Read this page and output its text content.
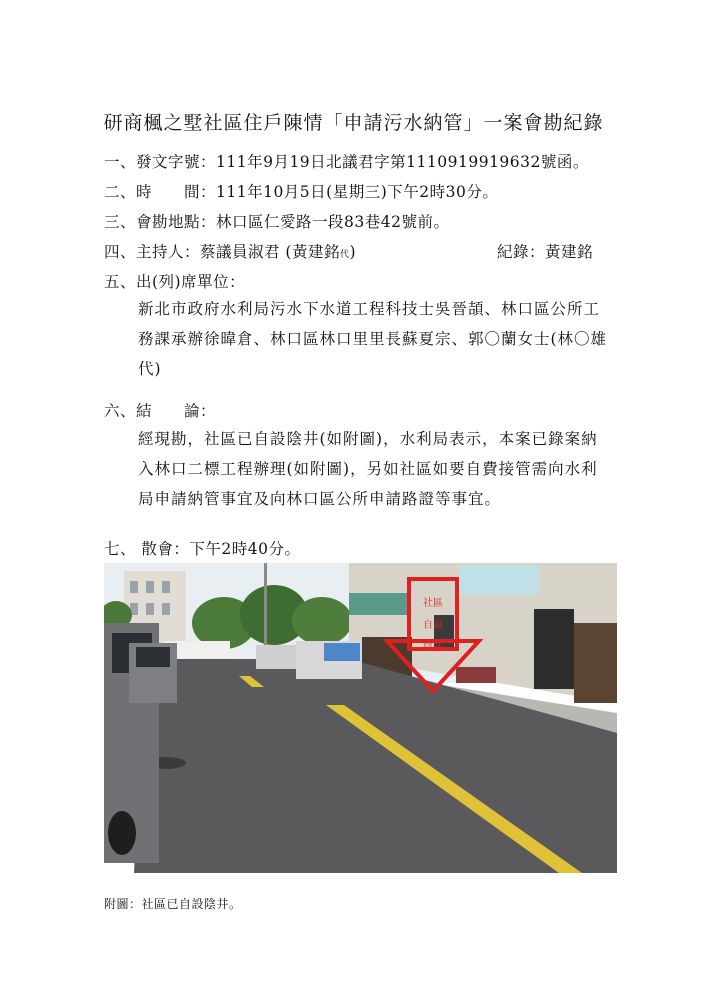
研商楓之墅社區住戶陳情「申請污水納管」一案會勘紀錄
一、發文字號：111年9月19日北議君字第1110919919632號函。
二、時　　間：111年10月5日(星期三)下午2時30分。
三、會勘地點：林口區仁愛路一段83巷42號前。
四、主持人：蔡議員淑君 (黃建銘代)	紀錄：黃建銘
五、出(列)席單位：
新北市政府水利局污水下水道工程科技士吳晉頡、林口區公所工
務課承辦徐暐倉、林口區林口里里長蘇夏宗、郭〇蘭女士(林〇雄
代)
六、結　　論：
經現勘，社區已自設陰井(如附圖)，水利局表示，本案已錄案納
入林口二標工程辦理(如附圖)，另如社區如要自費接管需向水利
局申請納管事宜及向林口區公所申請路證等事宜。
七、 散會：下午2時40分。
社區
自設
陰井
附圖：社區已自設陰井。
